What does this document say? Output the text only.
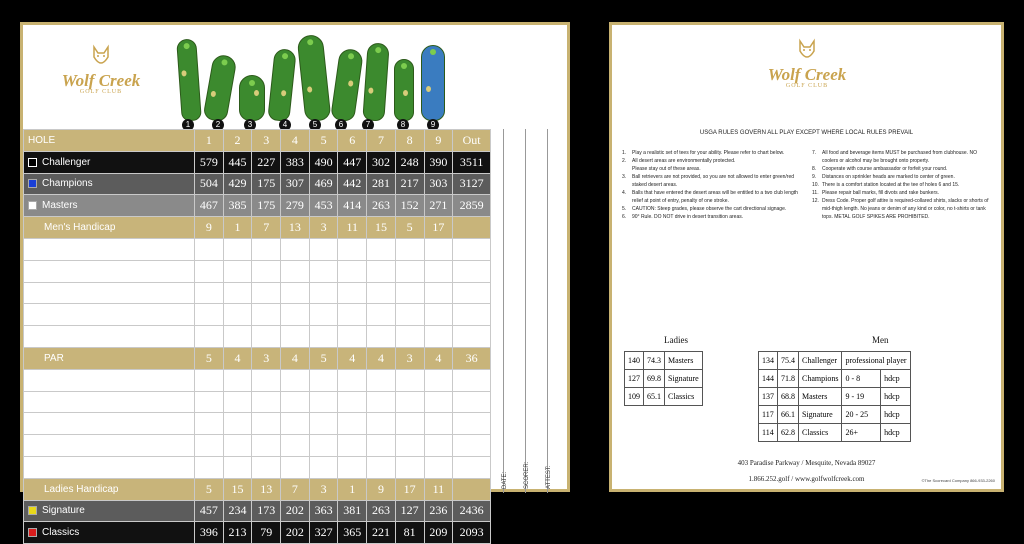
Wolf Creek
GOLF CLUB
1	2	3	4	5	6	7	8	9
HOLE	1	2	3	4	5	6	7	8	9	Out
Challenger	579	445	227	383	490	447	302	248	390	3511
Champions	504	429	175	307	469	442	281	217	303	3127
Masters	467	385	175	279	453	414	263	152	271	2859
Men's Handicap	9	1	7	13	3	11	15	5	17	

PAR	5	4	3	4	5	4	4	3	4	36

Ladies Handicap	5	15	13	7	3	1	9	17	11	
Signature	457	234	173	202	363	381	263	127	236	2436
Classics	396	213	79	202	327	365	221	81	209	2093
DATE:	SCORER:	ATTEST:
Wolf Creek
GOLF CLUB
USGA RULES GOVERN ALL PLAY EXCEPT WHERE LOCAL RULES PREVAIL
1.	Play a realistic set of tees for your ability. Please refer to chart below.
2.	All desert areas are environmentally protected.
Please stay out of these areas.
3.	Ball retrievers are not provided, so you are not allowed to enter green/red staked desert areas.
4.	Balls that have entered the desert areas will be entitled to a two club length relief at point of entry, penalty of one stroke.
5.	CAUTION: Steep grades, please observe the cart directional signage.
6.	90° Rule. DO NOT drive in desert transition areas.
7.	All food and beverage items MUST be purchased from clubhouse. NO coolers or alcohol may be brought onto property.
8.	Cooperate with course ambassador or forfeit your round.
9.	Distances on sprinkler heads are marked to center of green.
10. There is a comfort station located at the tee of holes 6 and 15.
11. Please repair ball marks, fill divots and rake bunkers.
12. Dress Code. Proper golf attire is required-collared shirts, slacks or shorts of mid-thigh length. No jeans or denim of any kind or color, no t-shirts or tank tops. METAL GOLF SPIKES ARE PROHIBITED.
Ladies
140	74.3	Masters
127	69.8	Signature
109	65.1	Classics
Men
134	75.4	Challenger	professional player	
144	71.8	Champions	0 - 8	hdcp
137	68.8	Masters	9 - 19	hdcp
117	66.1	Signature	20 - 25	hdcp
114	62.8	Classics	26+	hdcp
403 Paradise Parkway / Mesquite, Nevada 89027
1.866.252.golf / www.golfwolfcreek.com	©The Scorecard Company 866-933-2260
